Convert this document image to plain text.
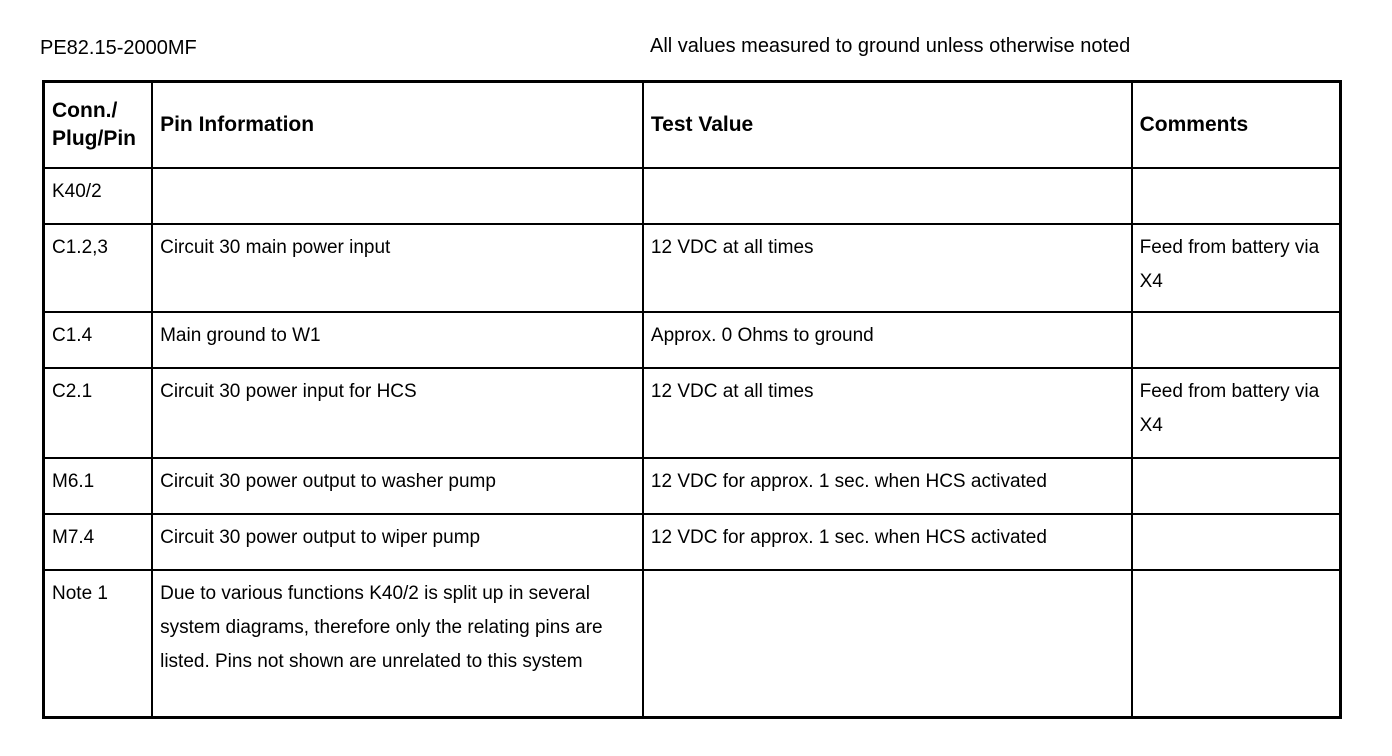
PE82.15-2000MF	All values measured to ground unless otherwise noted
Conn./ Plug/Pin	Pin Information	Test Value	Comments
K40/2			
C1.2,3	Circuit 30 main power input	12 VDC at all times	Feed from battery via X4
C1.4	Main ground to W1	Approx. 0 Ohms to ground	
C2.1	Circuit 30 power input for HCS	12 VDC at all times	Feed from battery via X4
M6.1	Circuit 30 power output to washer pump	12 VDC for approx. 1 sec. when HCS activated	
M7.4	Circuit 30 power output to wiper pump	12 VDC for approx. 1 sec. when HCS activated	
Note 1	Due to various functions K40/2 is split up in several system diagrams, therefore only the relating pins are listed. Pins not shown are unrelated to this system		
